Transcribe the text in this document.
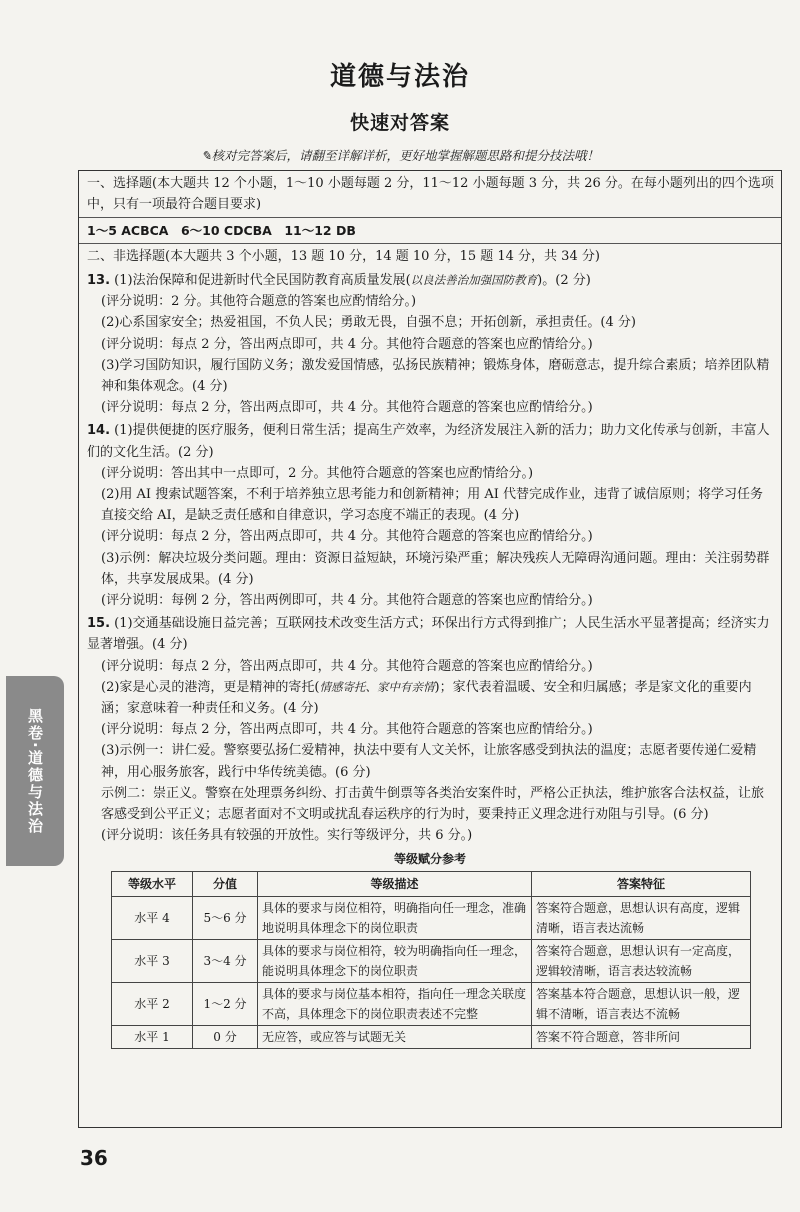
道德与法治
快速对答案
✎核对完答案后，请翻至详解详析，更好地掌握解题思路和提分技法哦！
一、选择题(本大题共 12 个小题，1～10 小题每题 2 分，11～12 小题每题 3 分，共 26 分。在每小题列出的四个选项中，只有一项最符合题目要求)
1～5 ACBCA　6～10 CDCBA　11～12 DB
二、非选择题(本大题共 3 个小题，13 题 10 分，14 题 10 分，15 题 14 分，共 34 分)
13. (1)法治保障和促进新时代全民国防教育高质量发展(以良法善治加强国防教育)。(2 分)
(评分说明：2 分。其他符合题意的答案也应酌情给分。)
(2)心系国家安全；热爱祖国，不负人民；勇敢无畏，自强不息；开拓创新，承担责任。(4 分)
(评分说明：每点 2 分，答出两点即可，共 4 分。其他符合题意的答案也应酌情给分。)
(3)学习国防知识，履行国防义务；激发爱国情感，弘扬民族精神；锻炼身体，磨砺意志，提升综合素质；培养团队精神和集体观念。(4 分)
(评分说明：每点 2 分，答出两点即可，共 4 分。其他符合题意的答案也应酌情给分。)
14. (1)提供便捷的医疗服务，便利日常生活；提高生产效率，为经济发展注入新的活力；助力文化传承与创新，丰富人们的文化生活。(2 分)
(评分说明：答出其中一点即可，2 分。其他符合题意的答案也应酌情给分。)
(2)用 AI 搜索试题答案，不利于培养独立思考能力和创新精神；用 AI 代替完成作业，违背了诚信原则；将学习任务直接交给 AI，是缺乏责任感和自律意识，学习态度不端正的表现。(4 分)
(评分说明：每点 2 分，答出两点即可，共 4 分。其他符合题意的答案也应酌情给分。)
(3)示例：解决垃圾分类问题。理由：资源日益短缺，环境污染严重；解决残疾人无障碍沟通问题。理由：关注弱势群体，共享发展成果。(4 分)
(评分说明：每例 2 分，答出两例即可，共 4 分。其他符合题意的答案也应酌情给分。)
15. (1)交通基础设施日益完善；互联网技术改变生活方式；环保出行方式得到推广；人民生活水平显著提高；经济实力显著增强。(4 分)
(评分说明：每点 2 分，答出两点即可，共 4 分。其他符合题意的答案也应酌情给分。)
(2)家是心灵的港湾，更是精神的寄托(情感寄托、家中有亲情)；家代表着温暖、安全和归属感；孝是家文化的重要内涵；家意味着一种责任和义务。(4 分)
(评分说明：每点 2 分，答出两点即可，共 4 分。其他符合题意的答案也应酌情给分。)
(3)示例一：讲仁爱。警察要弘扬仁爱精神，执法中要有人文关怀，让旅客感受到执法的温度；志愿者要传递仁爱精神，用心服务旅客，践行中华传统美德。(6 分)
示例二：崇正义。警察在处理票务纠纷、打击黄牛倒票等各类治安案件时，严格公正执法，维护旅客合法权益，让旅客感受到公平正义；志愿者面对不文明或扰乱春运秩序的行为时，要秉持正义理念进行劝阻与引导。(6 分)
(评分说明：该任务具有较强的开放性。实行等级评分，共 6 分。)
等级赋分参考
等级水平	分值	等级描述	答案特征
水平 4	5～6 分	具体的要求与岗位相符，明确指向任一理念，准确地说明具体理念下的岗位职责	答案符合题意，思想认识有高度，逻辑清晰，语言表达流畅
水平 3	3～4 分	具体的要求与岗位相符，较为明确指向任一理念，能说明具体理念下的岗位职责	答案符合题意，思想认识有一定高度，逻辑较清晰，语言表达较流畅
水平 2	1～2 分	具体的要求与岗位基本相符，指向任一理念关联度不高，具体理念下的岗位职责表述不完整	答案基本符合题意，思想认识一般，逻辑不清晰，语言表达不流畅
水平 1	0 分	无应答，或应答与试题无关	答案不符合题意，答非所问
黑卷·道德与法治
36
